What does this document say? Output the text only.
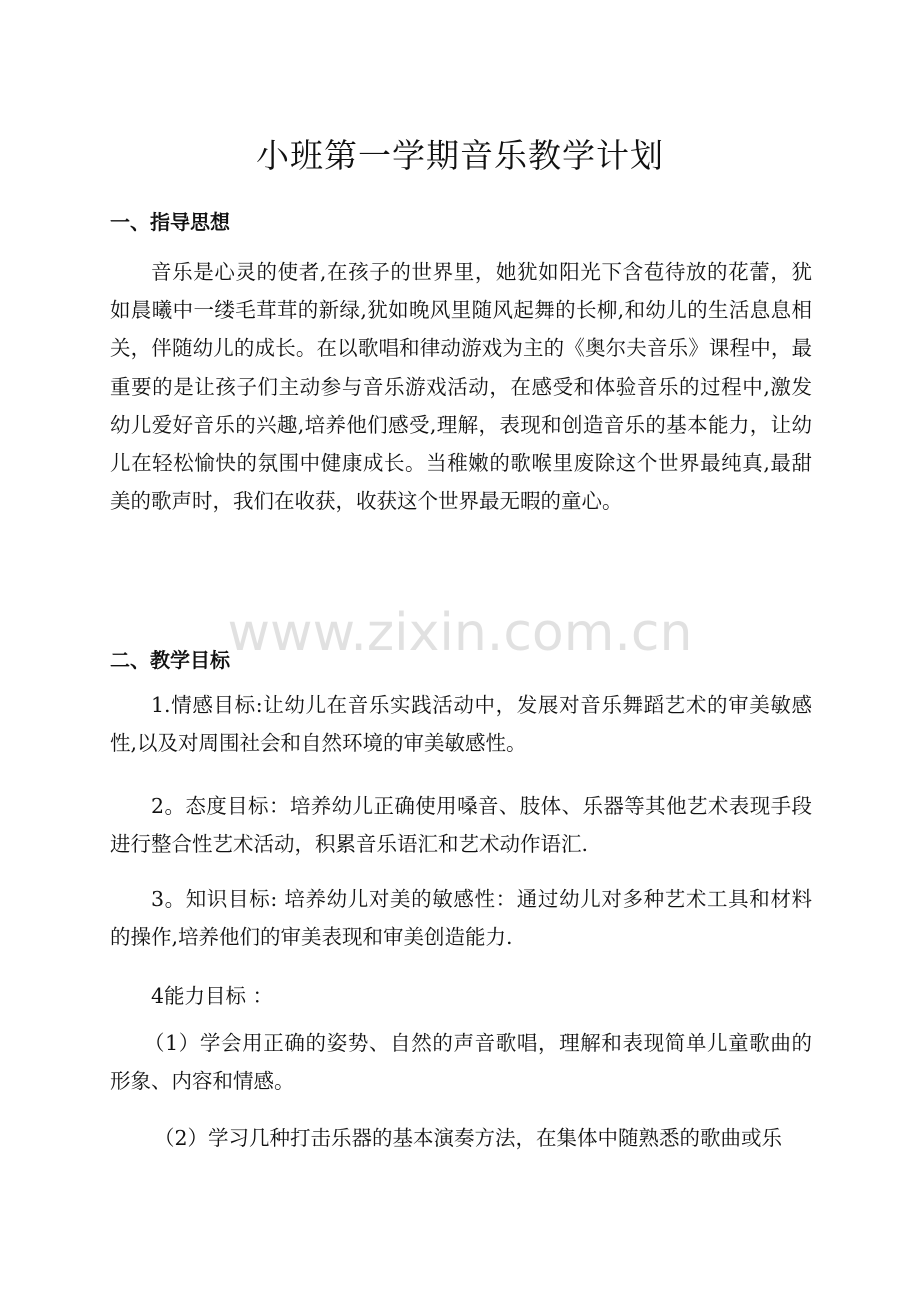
小班第一学期音乐教学计划
一、指导思想

音乐是心灵的使者,在孩子的世界里，她犹如阳光下含苞待放的花蕾，犹如晨曦中一缕毛茸茸的新绿,犹如晚风里随风起舞的长柳,和幼儿的生活息息相关，伴随幼儿的成长。在以歌唱和律动游戏为主的《奥尔夫音乐》课程中，最重要的是让孩子们主动参与音乐游戏活动，在感受和体验音乐的过程中,激发幼儿爱好音乐的兴趣,培养他们感受,理解，表现和创造音乐的基本能力，让幼儿在轻松愉快的氛围中健康成长。当稚嫩的歌喉里废除这个世界最纯真,最甜美的歌声时，我们在收获，收获这个世界最无暇的童心。

二、教学目标

1.情感目标:让幼儿在音乐实践活动中，发展对音乐舞蹈艺术的审美敏感性,以及对周围社会和自然环境的审美敏感性。

2。态度目标：培养幼儿正确使用嗓音、肢体、乐器等其他艺术表现手段进行整合性艺术活动，积累音乐语汇和艺术动作语汇.

3。知识目标: 培养幼儿对美的敏感性：通过幼儿对多种艺术工具和材料的操作,培养他们的审美表现和审美创造能力.

4能力目标 ：

（1）学会用正确的姿势、自然的声音歌唱，理解和表现简单儿童歌曲的形象、内容和情感。

（2）学习几种打击乐器的基本演奏方法，在集体中随熟悉的歌曲或乐

www.zixin.com.cn
